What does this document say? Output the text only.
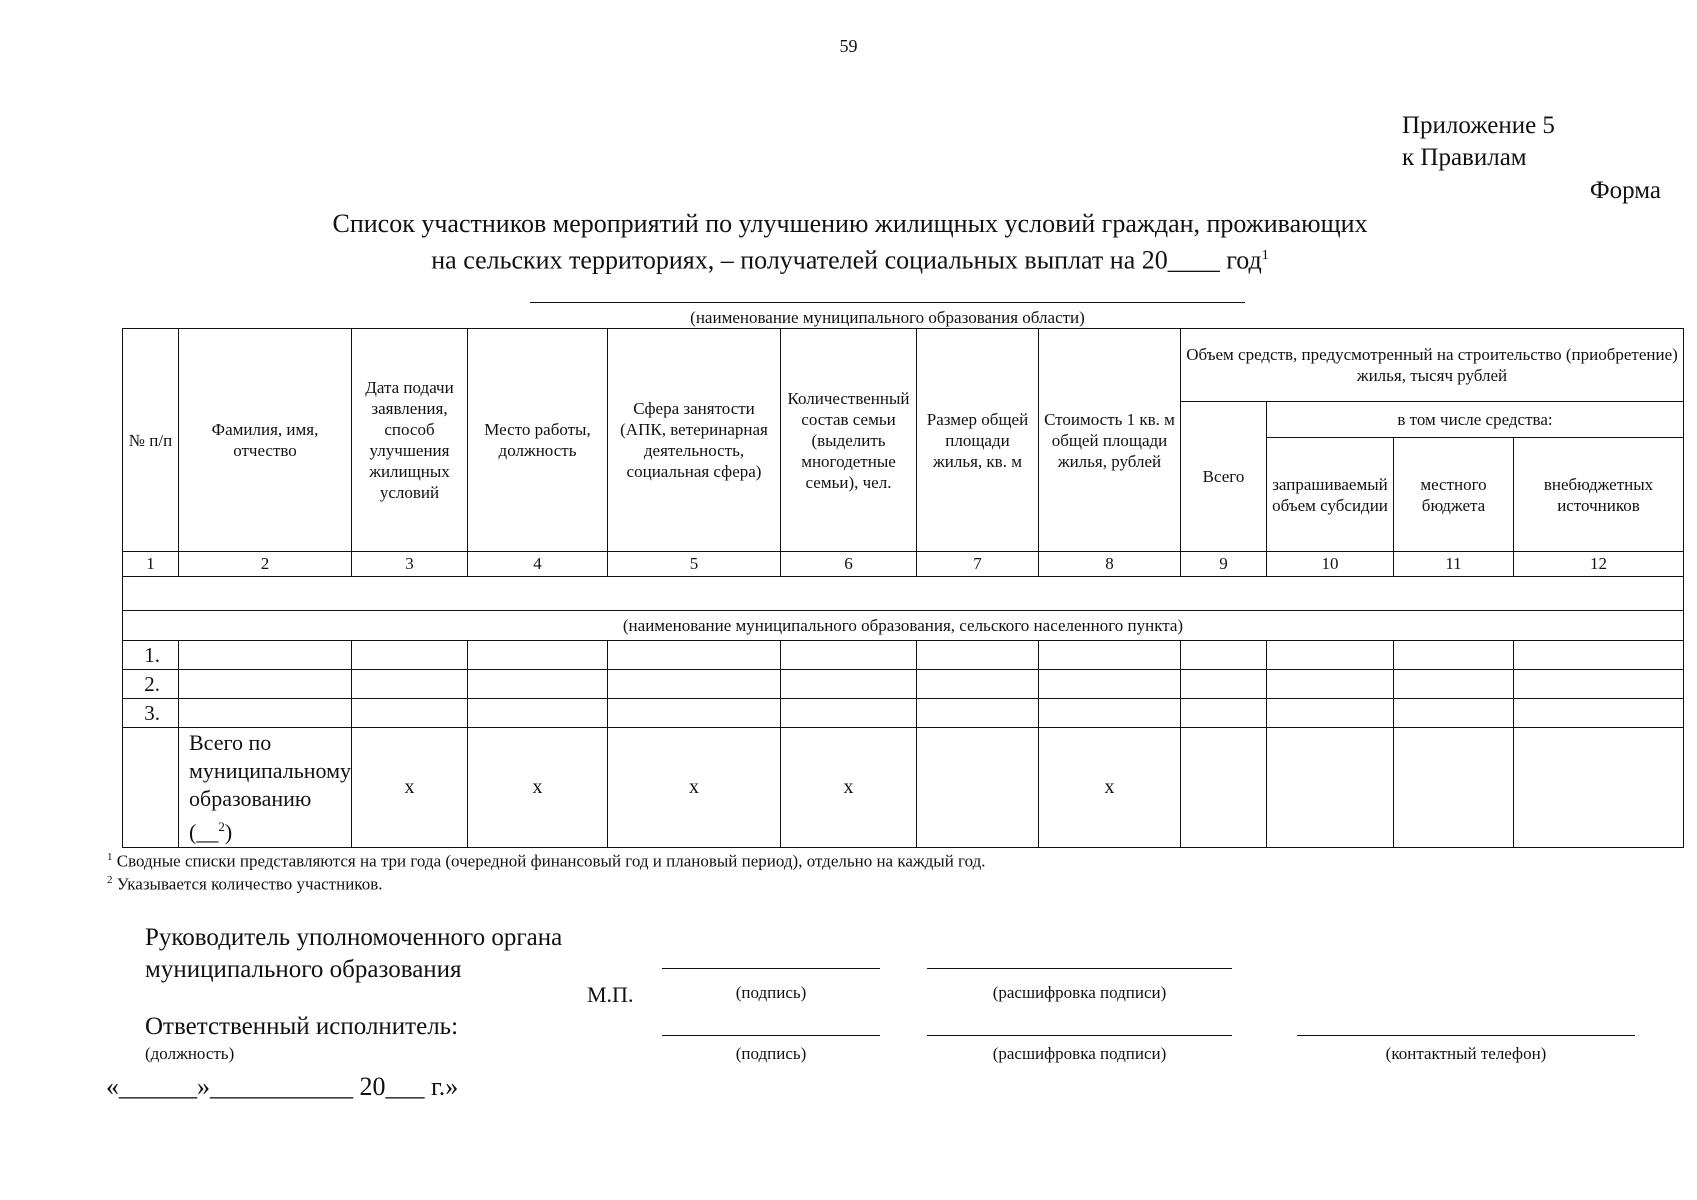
59
Приложение 5
к Правилам
Форма
Список участников мероприятий по улучшению жилищных условий граждан, проживающих
на сельских территориях, – получателей социальных выплат на 20____ год$^1$
(наименование муниципального образования области)
№ п/п	Фамилия, имя, отчество	Дата подачи заявления, способ улучшения жилищных условий	Место работы, должность	Сфера занятости (АПК, ветеринарная деятельность, социальная сфера)	Количественный состав семьи (выделить многодетные семьи), чел.	Размер общей площади жилья, кв. м	Стоимость 1 кв. м общей площади жилья, рублей	Объем средств, предусмотренный на строительство (приобретение) жилья, тысяч рублей			
								Всего	в том числе средства:		
									запрашиваемый объем субсидии	местного бюджета	внебюджетных источников
1	2	3	4	5	6	7	8	9	10	11	12

(наименование муниципального образования, сельского населенного пункта)											
1.											
2.											
3.											
	Всего по муниципальному образованию (__$^2$)	х	х	х	х		х				
$^1$ Сводные списки представляются на три года (очередной финансовый год и плановый период), отдельно на каждый год.
$^2$ Указывается количество участников.
Руководитель уполномоченного органа
муниципального образования
М.П.	(подпись)	(расшифровка подписи)
Ответственный исполнитель:
(должность)	(подпись)	(расшифровка подписи)	(контактный телефон)
«______»___________ 20___ г.»
